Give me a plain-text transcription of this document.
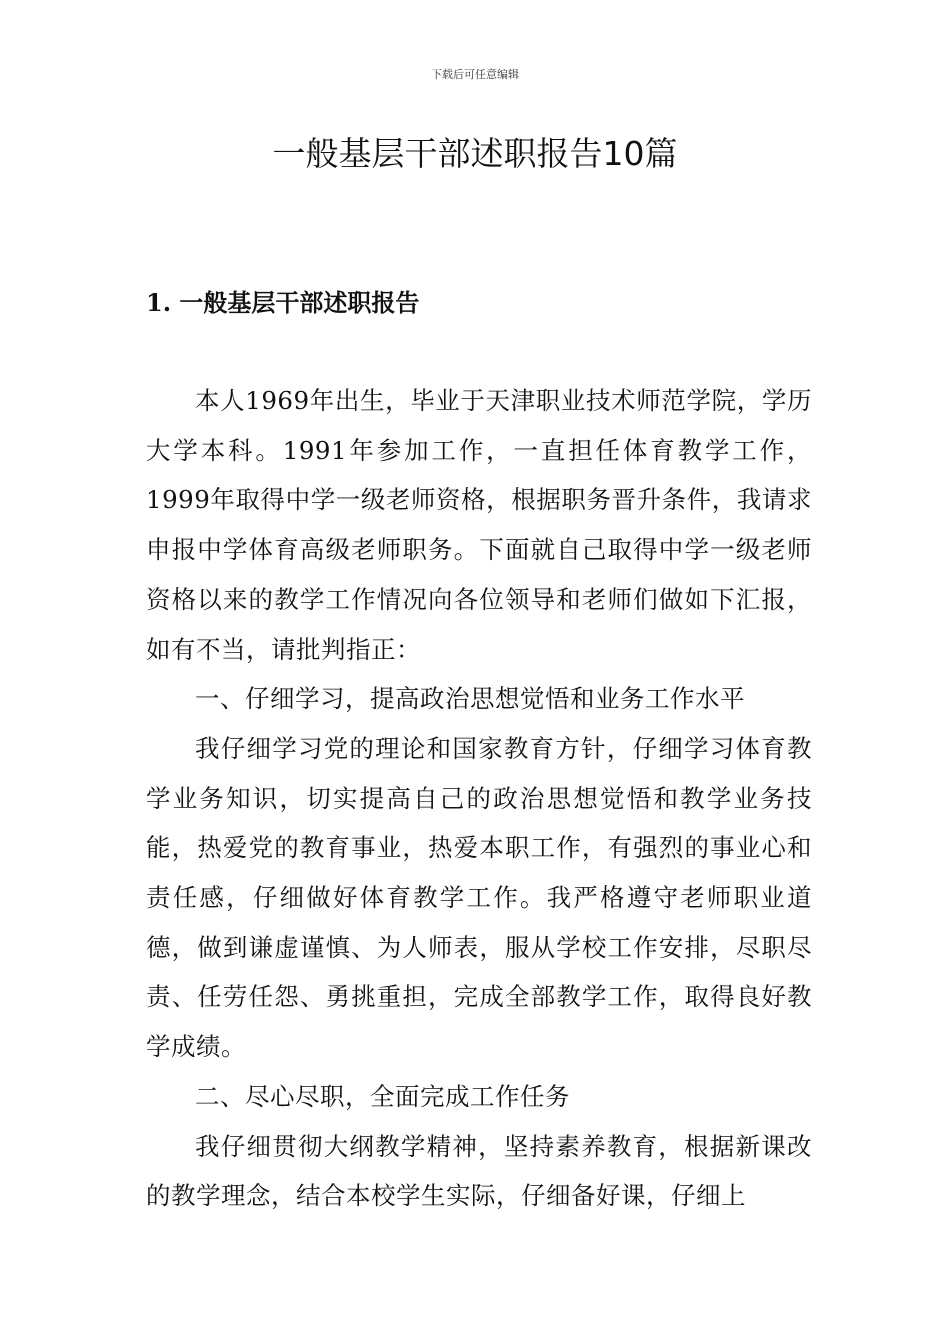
下载后可任意编辑
一般基层干部述职报告10篇
1. 一般基层干部述职报告

本人1969年出生，毕业于天津职业技术师范学院，学历大学本科。1991年参加工作，一直担任体育教学工作，1999年取得中学一级老师资格，根据职务晋升条件，我请求申报中学体育高级老师职务。下面就自己取得中学一级老师资格以来的教学工作情况向各位领导和老师们做如下汇报，如有不当，请批判指正：

一、仔细学习，提高政治思想觉悟和业务工作水平

我仔细学习党的理论和国家教育方针，仔细学习体育教学业务知识，切实提高自己的政治思想觉悟和教学业务技能，热爱党的教育事业，热爱本职工作，有强烈的事业心和责任感，仔细做好体育教学工作。我严格遵守老师职业道德，做到谦虚谨慎、为人师表，服从学校工作安排，尽职尽责、任劳任怨、勇挑重担，完成全部教学工作，取得良好教学成绩。

二、尽心尽职，全面完成工作任务

我仔细贯彻大纲教学精神，坚持素养教育，根据新课改的教学理念，结合本校学生实际，仔细备好课，仔细上
